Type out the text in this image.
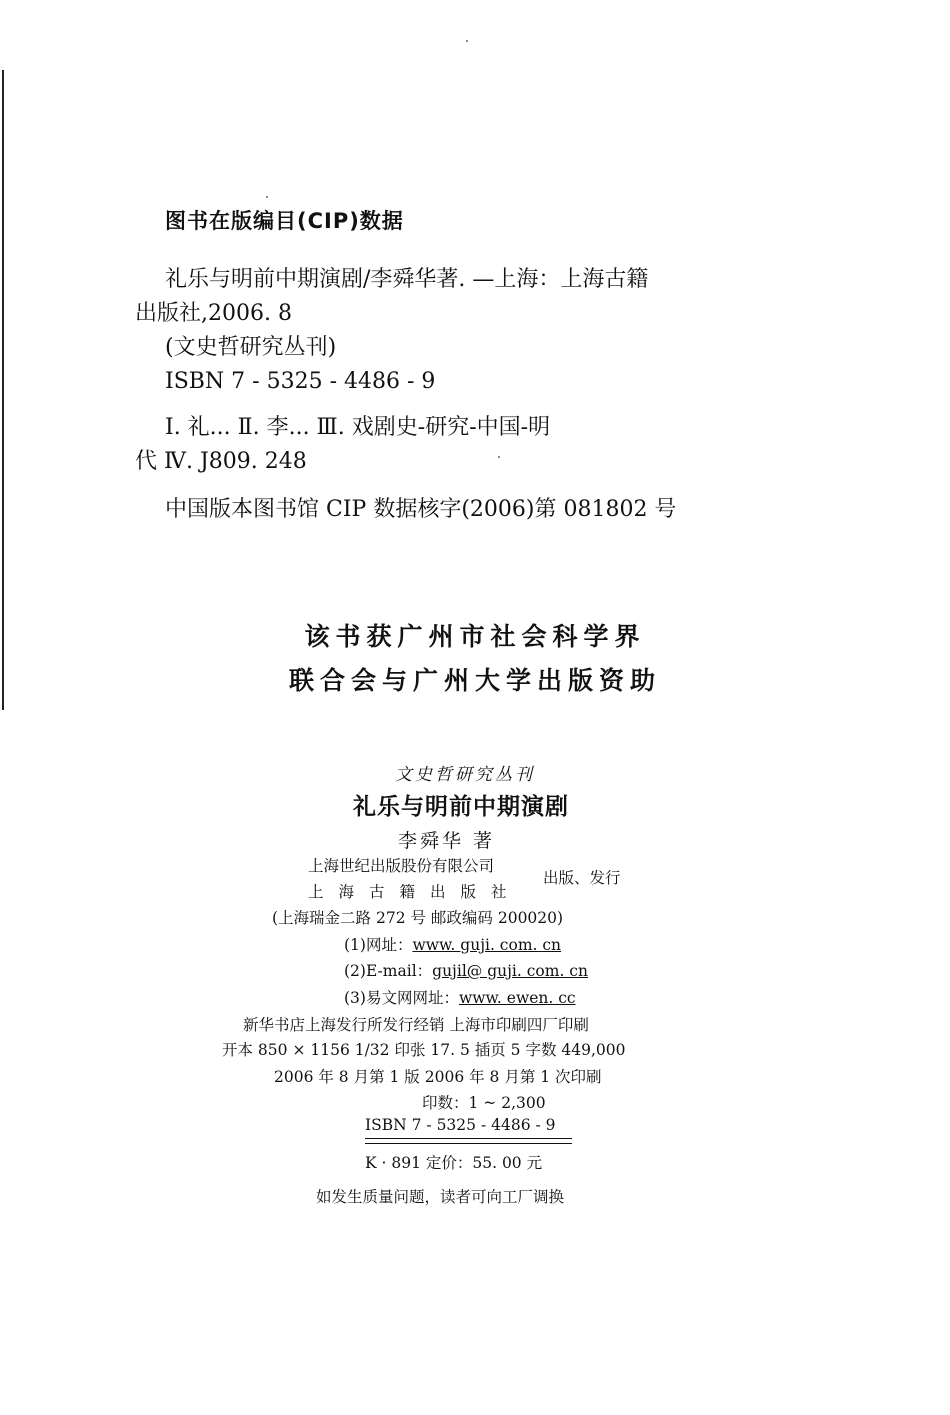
图书在版编目(CIP)数据
礼乐与明前中期演剧/李舜华著. —上海：上海古籍
出版社,2006. 8
(文史哲研究丛刊)
ISBN 7 - 5325 - 4486 - 9
Ⅰ. 礼... Ⅱ. 李... Ⅲ. 戏剧史-研究-中国-明
代 Ⅳ. J809. 248
中国版本图书馆 CIP 数据核字(2006)第 081802 号
该书获广州市社会科学界
联合会与广州大学出版资助
文史哲研究丛刊
礼乐与明前中期演剧
李舜华 著
上海世纪出版股份有限公司
上海古籍出版社
出版、发行
(上海瑞金二路 272 号 邮政编码 200020)
(1)网址：www. guji. com. cn
(2)E-mail：gujil@ guji. com. cn
(3)易文网网址：www. ewen. cc
新华书店上海发行所发行经销 上海市印刷四厂印刷
开本 850 × 1156 1/32 印张 17. 5 插页 5 字数 449,000
2006 年 8 月第 1 版 2006 年 8 月第 1 次印刷
印数：1 ~ 2,300
ISBN 7 - 5325 - 4486 - 9
K · 891 定价：55. 00 元
如发生质量问题，读者可向工厂调换
